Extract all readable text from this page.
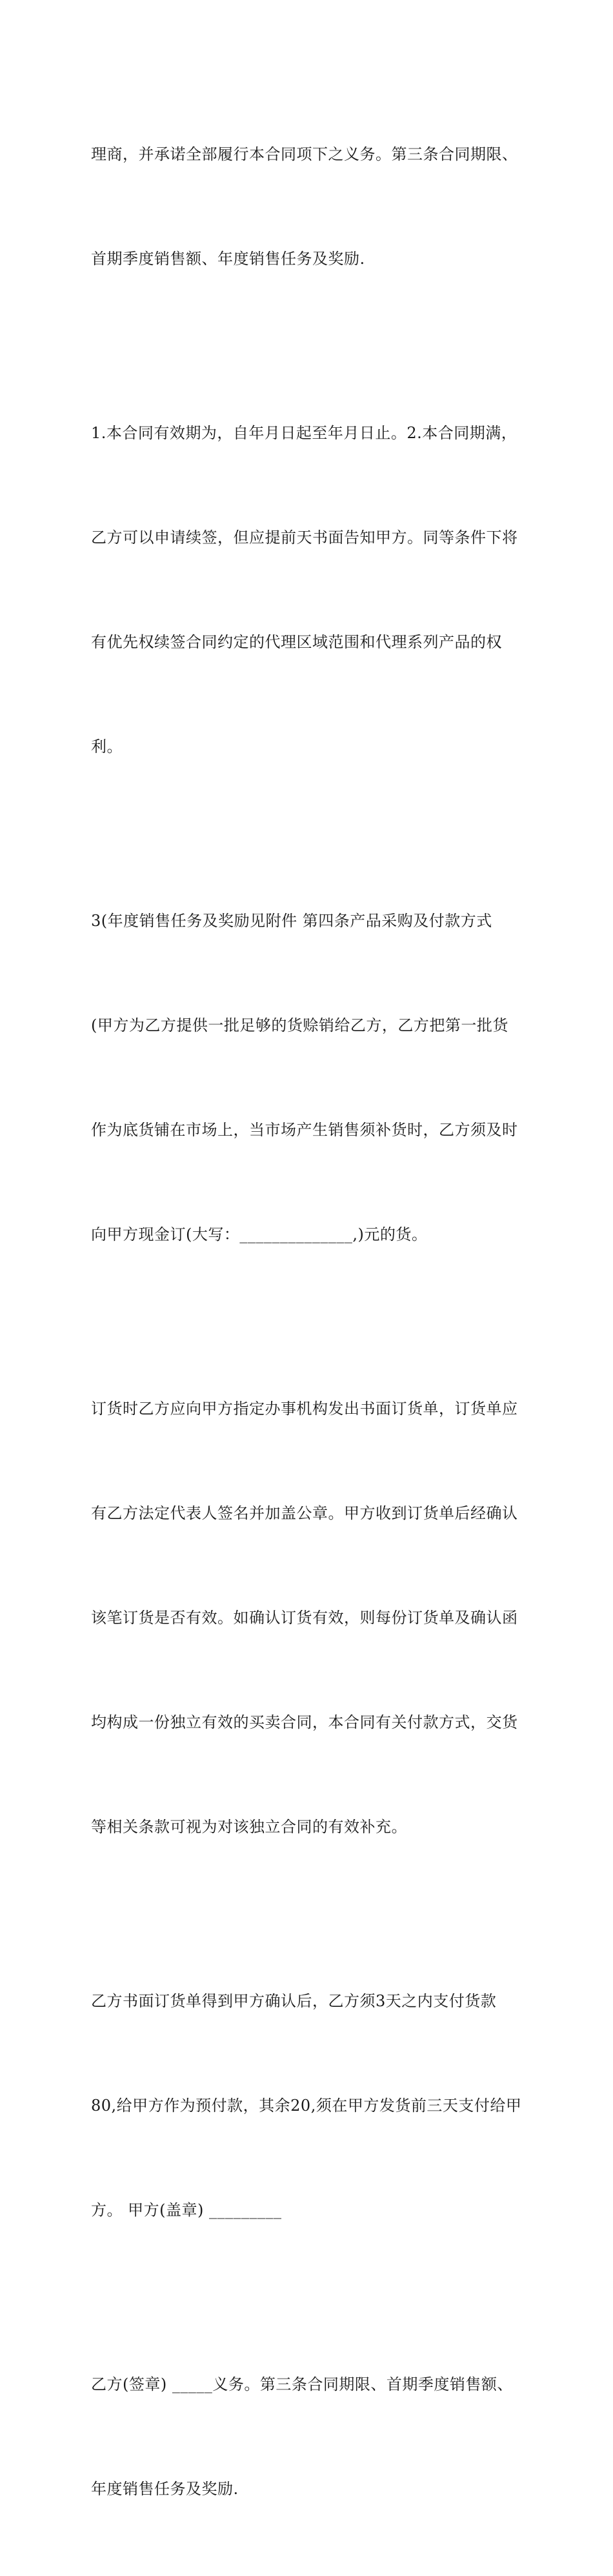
理商，并承诺全部履行本合同项下之义务。第三条合同期限、

首期季度销售额、年度销售任务及奖励.

1.本合同有效期为，自年月日起至年月日止。2.本合同期满，

乙方可以申请续签，但应提前天书面告知甲方。同等条件下将

有优先权续签合同约定的代理区域范围和代理系列产品的权

利。

3(年度销售任务及奖励见附件 第四条产品采购及付款方式

(甲方为乙方提供一批足够的货赊销给乙方，乙方把第一批货

作为底货铺在市场上，当市场产生销售须补货时，乙方须及时

向甲方现金订(大写：______________,)元的货。

订货时乙方应向甲方指定办事机构发出书面订货单，订货单应

有乙方法定代表人签名并加盖公章。甲方收到订货单后经确认

该笔订货是否有效。如确认订货有效，则每份订货单及确认函

均构成一份独立有效的买卖合同，本合同有关付款方式，交货

等相关条款可视为对该独立合同的有效补充。

乙方书面订货单得到甲方确认后，乙方须3天之内支付货款

80,给甲方作为预付款，其余20,须在甲方发货前三天支付给甲

方。 甲方(盖章) _________

乙方(签章) _____义务。第三条合同期限、首期季度销售额、

年度销售任务及奖励.
